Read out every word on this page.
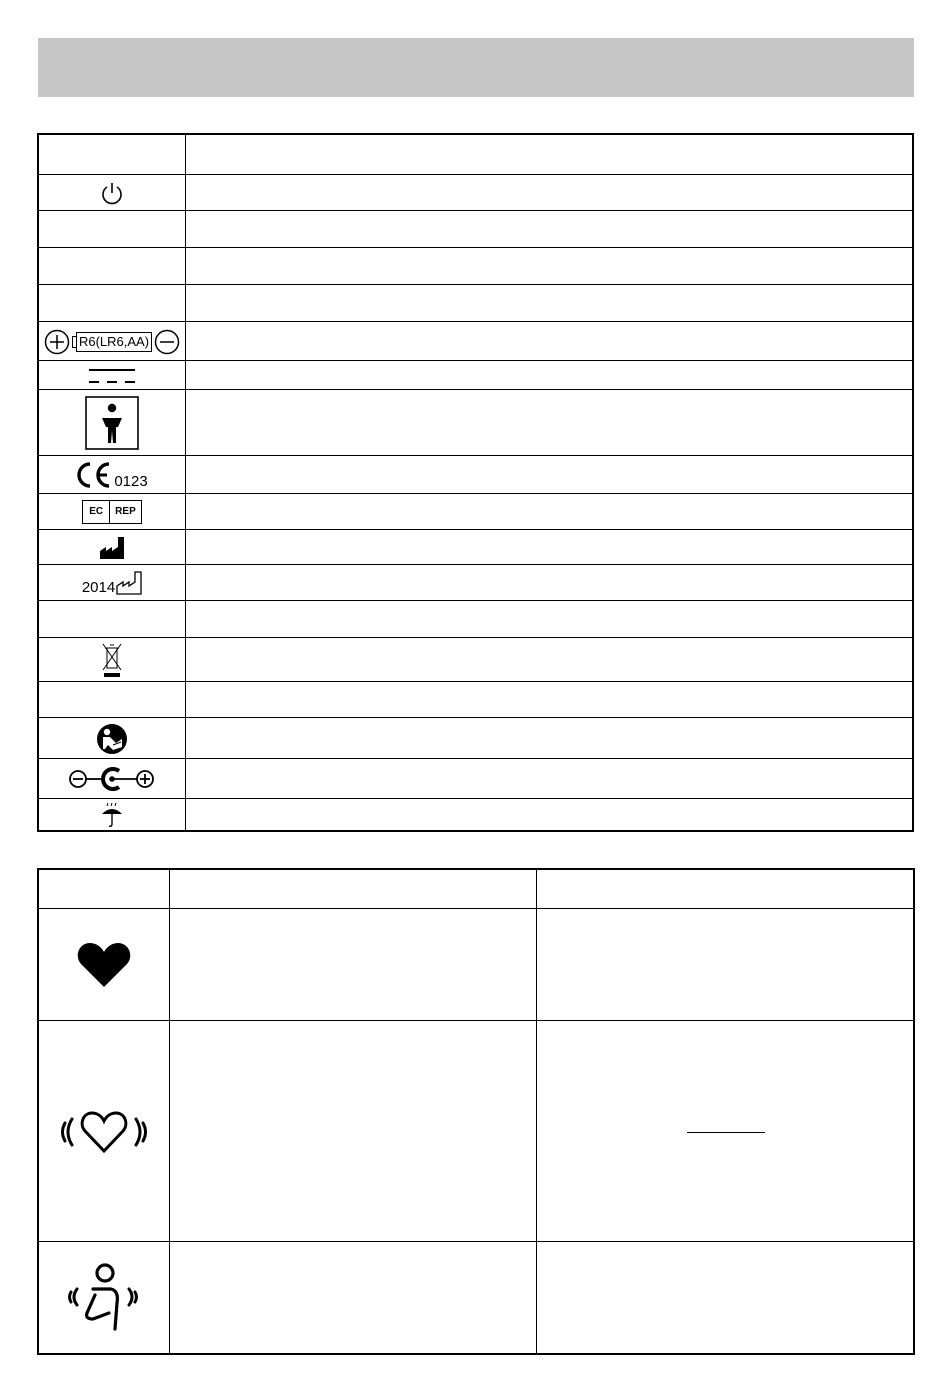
R6(LR6,AA)
0123
EC	REP
2014
